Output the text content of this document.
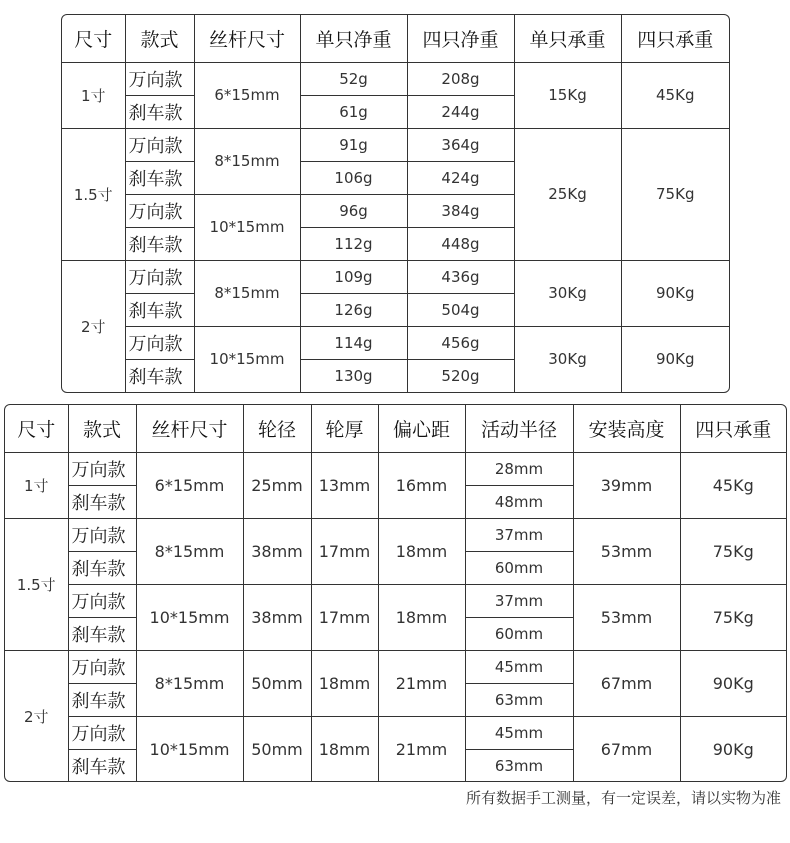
尺寸	款式	丝杆尺寸	单只净重	四只净重	单只承重	四只承重
1寸	万向款	6*15mm	52g	208g	15Kg	45Kg
	刹车款		61g	244g		
1.5寸	万向款	8*15mm	91g	364g	25Kg	75Kg
	刹车款		106g	424g		
	万向款	10*15mm	96g	384g		
	刹车款		112g	448g		
2寸	万向款	8*15mm	109g	436g	30Kg	90Kg
	刹车款		126g	504g		
	万向款	10*15mm	114g	456g	30Kg	90Kg
	刹车款		130g	520g		
尺寸	款式	丝杆尺寸	轮径	轮厚	偏心距	活动半径	安装高度	四只承重
1寸	万向款	6*15mm	25mm	13mm	16mm	28mm	39mm	45Kg
	刹车款					48mm		
1.5寸	万向款	8*15mm	38mm	17mm	18mm	37mm	53mm	75Kg
	刹车款					60mm		
	万向款	10*15mm	38mm	17mm	18mm	37mm	53mm	75Kg
	刹车款					60mm		
2寸	万向款	8*15mm	50mm	18mm	21mm	45mm	67mm	90Kg
	刹车款					63mm		
	万向款	10*15mm	50mm	18mm	21mm	45mm	67mm	90Kg
	刹车款					63mm		
所有数据手工测量，有一定误差，请以实物为准
